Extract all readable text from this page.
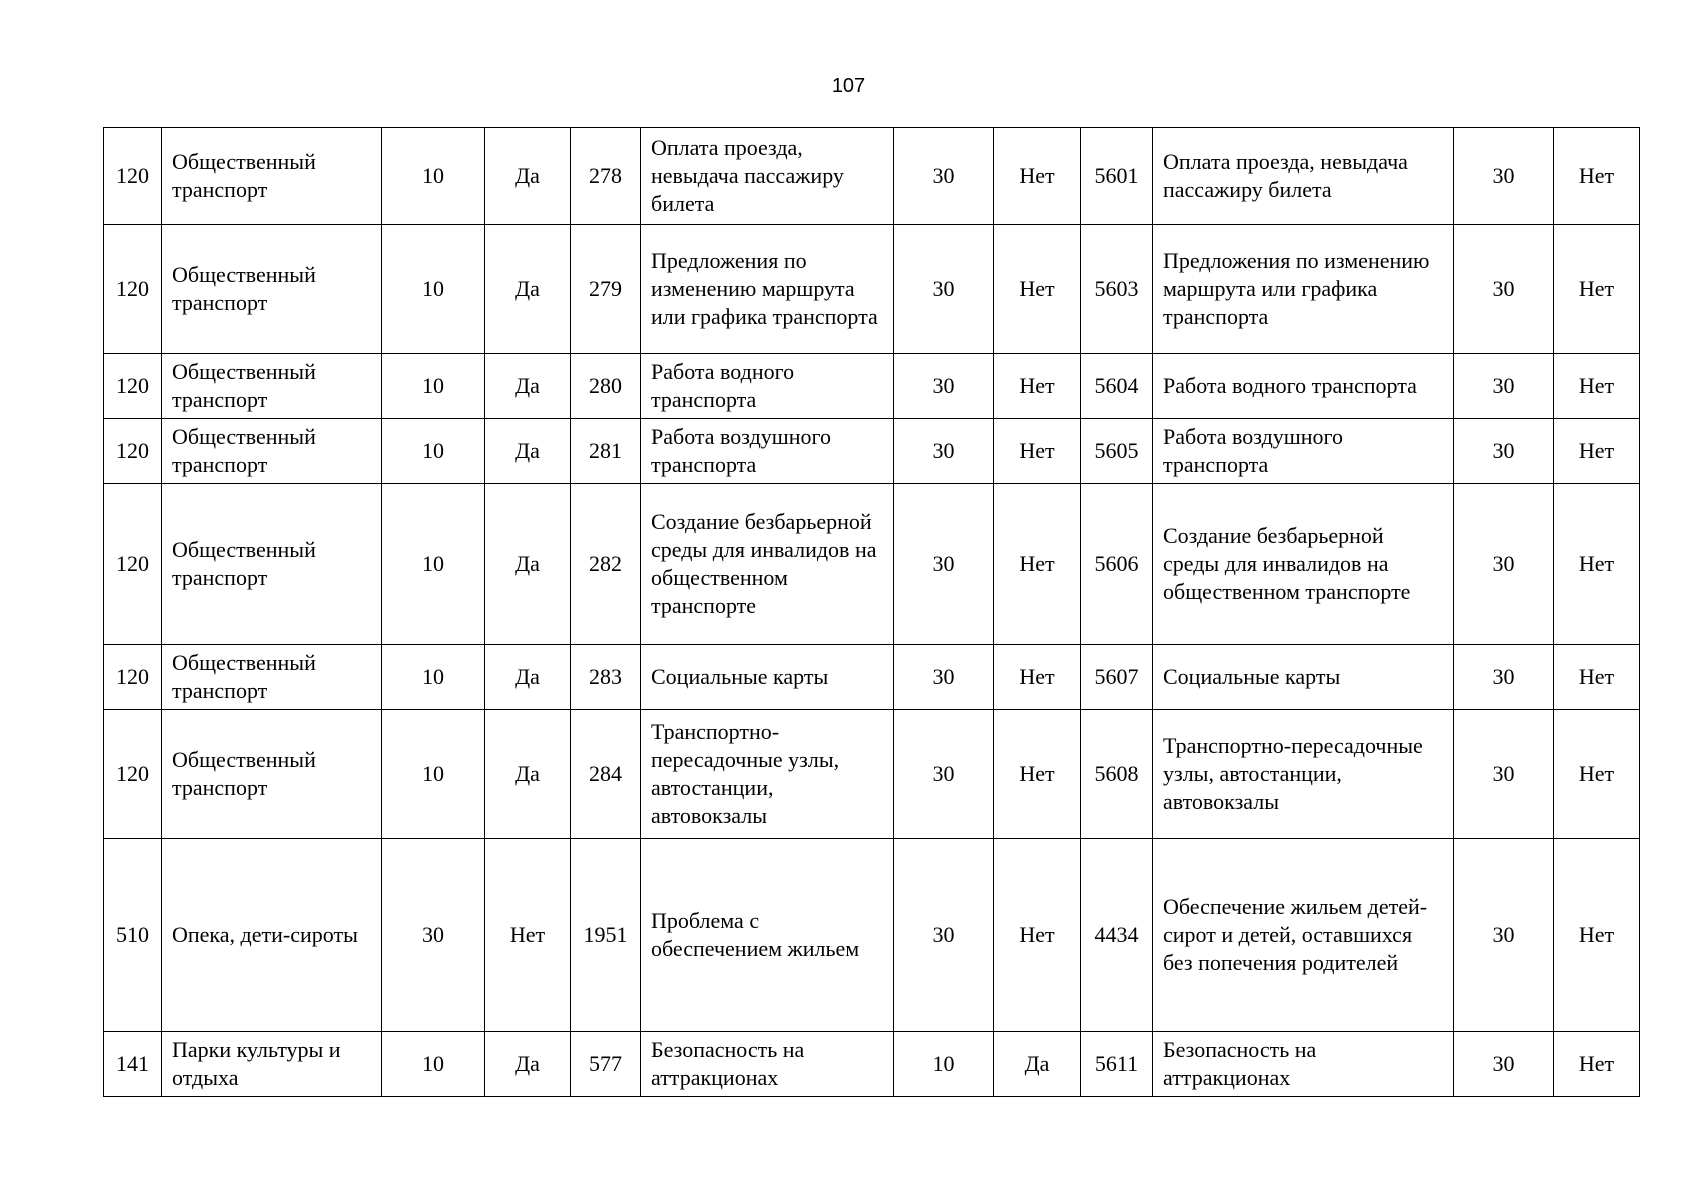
107
120	Общественный транспорт	10	Да	278	Оплата проезда, невыдача пассажиру билета	30	Нет	5601	Оплата проезда, невыдача пассажиру билета	30	Нет
120	Общественный транспорт	10	Да	279	Предложения по изменению маршрута или графика транспорта	30	Нет	5603	Предложения по изменению маршрута или графика транспорта	30	Нет
120	Общественный транспорт	10	Да	280	Работа водного транспорта	30	Нет	5604	Работа водного транспорта	30	Нет
120	Общественный транспорт	10	Да	281	Работа воздушного транспорта	30	Нет	5605	Работа воздушного транспорта	30	Нет
120	Общественный транспорт	10	Да	282	Создание безбарьерной среды для инвалидов на общественном транспорте	30	Нет	5606	Создание безбарьерной среды для инвалидов на общественном транспорте	30	Нет
120	Общественный транспорт	10	Да	283	Социальные карты	30	Нет	5607	Социальные карты	30	Нет
120	Общественный транспорт	10	Да	284	Транспортно-пересадочные узлы, автостанции, автовокзалы	30	Нет	5608	Транспортно-пересадочные узлы, автостанции, автовокзалы	30	Нет
510	Опека, дети-сироты	30	Нет	1951	Проблема с обеспечением жильем	30	Нет	4434	Обеспечение жильем детей-сирот и детей, оставшихся без попечения родителей	30	Нет
141	Парки культуры и отдыха	10	Да	577	Безопасность на аттракционах	10	Да	5611	Безопасность на аттракционах	30	Нет
